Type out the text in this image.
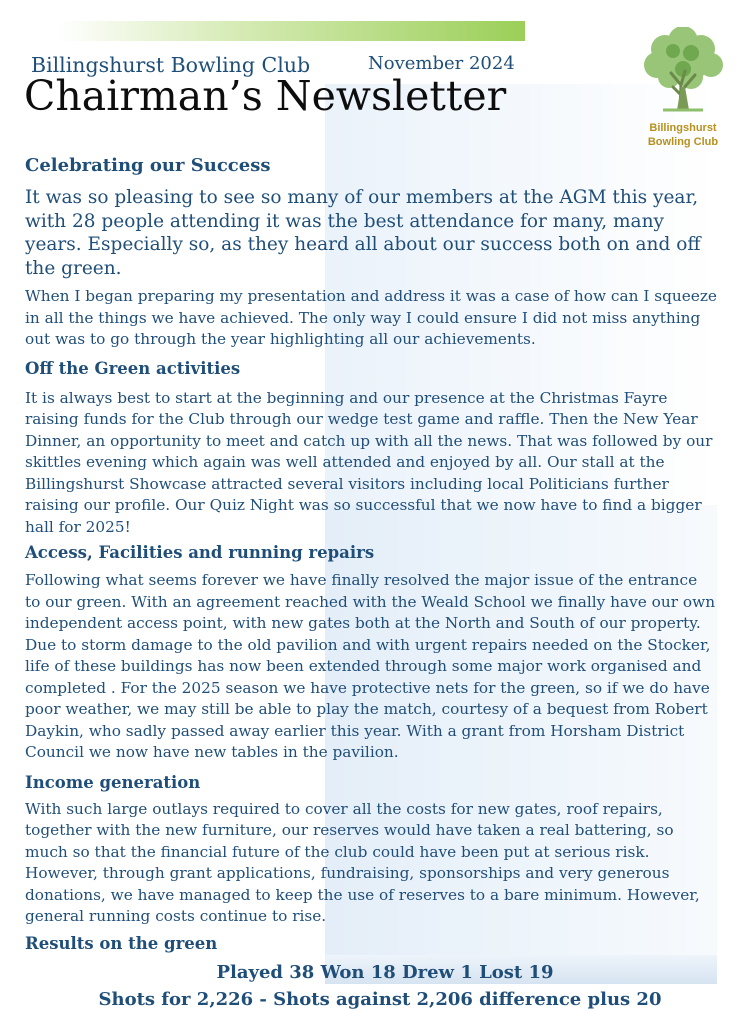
Billingshurst Bowling Club	November 2024
Chairman’s Newsletter
Billingshurst
Bowling Club
Celebrating our Success

It was so pleasing to see so many of our members at the AGM this year, with 28 people attending it was the best attendance for many, many years. Especially so, as they heard all about our success both on and off the green.

When I began preparing my presentation and address it was a case of how can I squeeze in all the things we have achieved. The only way I could ensure I did not miss anything out was to go through the year highlighting all our achievements.

Off the Green activities

It is always best to start at the beginning and our presence at the Christmas Fayre raising funds for the Club through our wedge test game and raffle. Then the New Year Dinner, an opportunity to meet and catch up with all the news. That was followed by our skittles evening which again was well attended and enjoyed by all. Our stall at the Billingshurst Showcase attracted several visitors including local Politicians further raising our profile. Our Quiz Night was so successful that we now have to find a bigger hall for 2025!

Access, Facilities and running repairs

Following what seems forever we have finally resolved the major issue of the entrance to our green. With an agreement reached with the Weald School we finally have our own independent access point, with new gates both at the North and South of our property. Due to storm damage to the old pavilion and with urgent repairs needed on the Stocker, life of these buildings has now been extended through some major work organised and completed . For the 2025 season we have protective nets for the green, so if we do have poor weather, we may still be able to play the match, courtesy of a bequest from Robert Daykin, who sadly passed away earlier this year. With a grant from Horsham District Council we now have new tables in the pavilion.

Income generation

With such large outlays required to cover all the costs for new gates, roof repairs, together with the new furniture, our reserves would have taken a real battering, so much so that the financial future of the club could have been put at serious risk. However, through grant applications, fundraising, sponsorships and very generous donations, we have managed to keep the use of reserves to a bare minimum. However, general running costs continue to rise.

Results on the green
Played 38 Won 18 Drew 1 Lost 19
Shots for 2,226 - Shots against 2,206 difference plus 20
